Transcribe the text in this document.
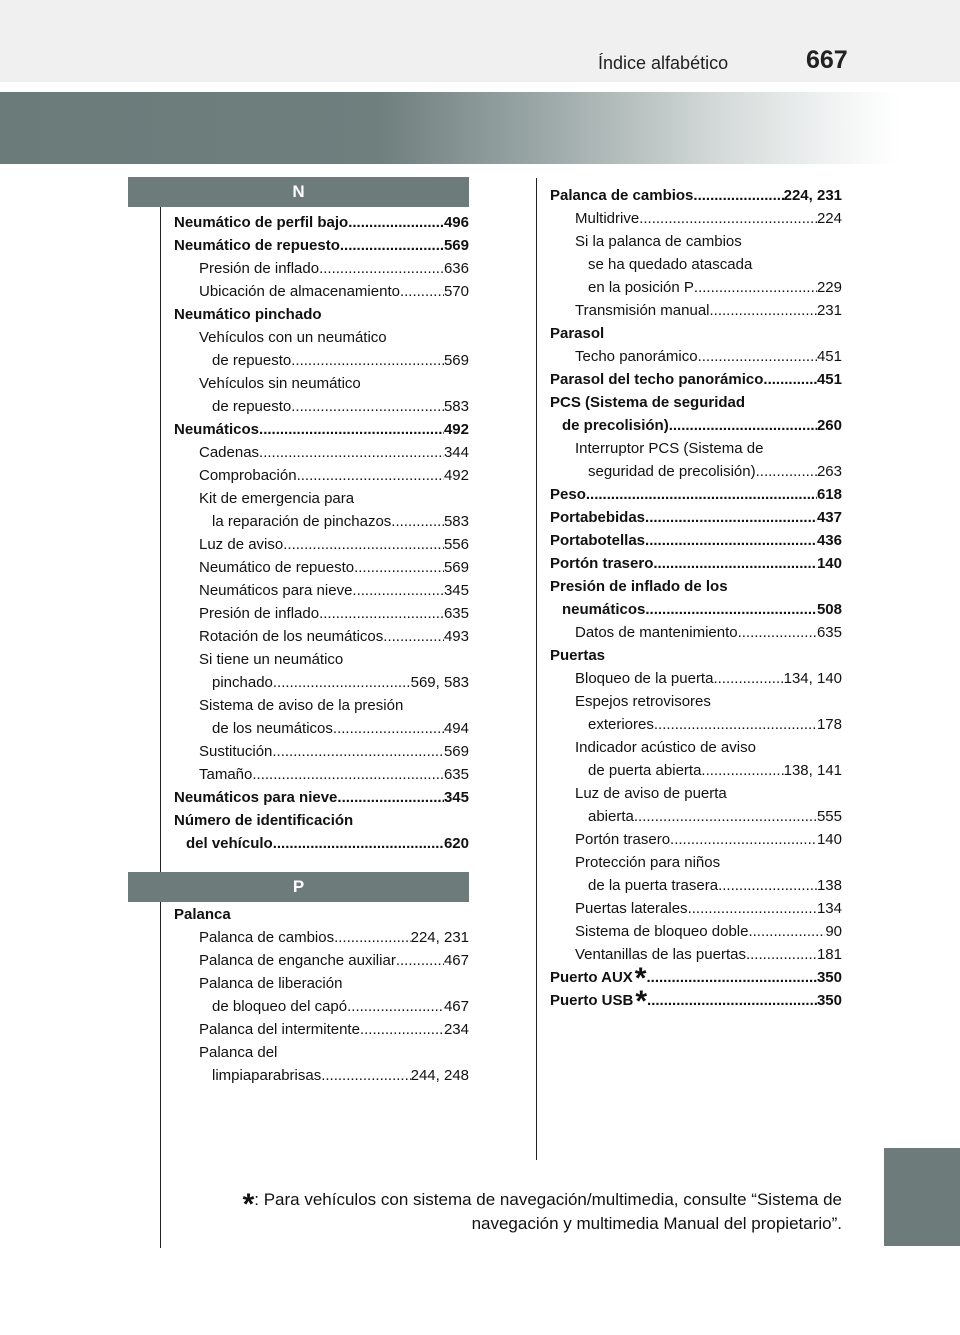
Índice alfabético	667
N
Neumático de perfil bajo .....	496
Neumático de repuesto .....	569
Presión de inflado .....	636
Ubicación de almacenamiento .....	570
Neumático pinchado
Vehículos con un neumático
de repuesto .....	569
Vehículos sin neumático
de repuesto .....	583
Neumáticos .....	492
Cadenas .....	344
Comprobación .....	492
Kit de emergencia para
la reparación de pinchazos .....	583
Luz de aviso .....	556
Neumático de repuesto .....	569
Neumáticos para nieve .....	345
Presión de inflado .....	635
Rotación de los neumáticos .....	493
Si tiene un neumático
pinchado .....	569, 583
Sistema de aviso de la presión
de los neumáticos .....	494
Sustitución .....	569
Tamaño .....	635
Neumáticos para nieve .....	345
Número de identificación
del vehículo .....	620
P
Palanca
Palanca de cambios .....	224, 231
Palanca de enganche auxiliar .....	467
Palanca de liberación
de bloqueo del capó .....	467
Palanca del intermitente .....	234
Palanca del
limpiaparabrisas .....	244, 248
Palanca de cambios .....	224, 231
Multidrive .....	224
Si la palanca de cambios
se ha quedado atascada
en la posición P .....	229
Transmisión manual .....	231
Parasol
Techo panorámico .....	451
Parasol del techo panorámico .....	451
PCS (Sistema de seguridad
de precolisión) .....	260
Interruptor PCS (Sistema de
seguridad de precolisión) .....	263
Peso .....	618
Portabebidas .....	437
Portabotellas .....	436
Portón trasero .....	140
Presión de inflado de los
neumáticos .....	508
Datos de mantenimiento .....	635
Puertas
Bloqueo de la puerta .....	134, 140
Espejos retrovisores
exteriores .....	178
Indicador acústico de aviso
de puerta abierta .....	138, 141
Luz de aviso de puerta
abierta .....	555
Portón trasero .....	140
Protección para niños
de la puerta trasera .....	138
Puertas laterales .....	134
Sistema de bloqueo doble .....	90
Ventanillas de las puertas .....	181
Puerto AUX * .....	350
Puerto USB * .....	350
*: Para vehículos con sistema de navegación/multimedia, consulte “Sistema de navegación y multimedia Manual del propietario”.
